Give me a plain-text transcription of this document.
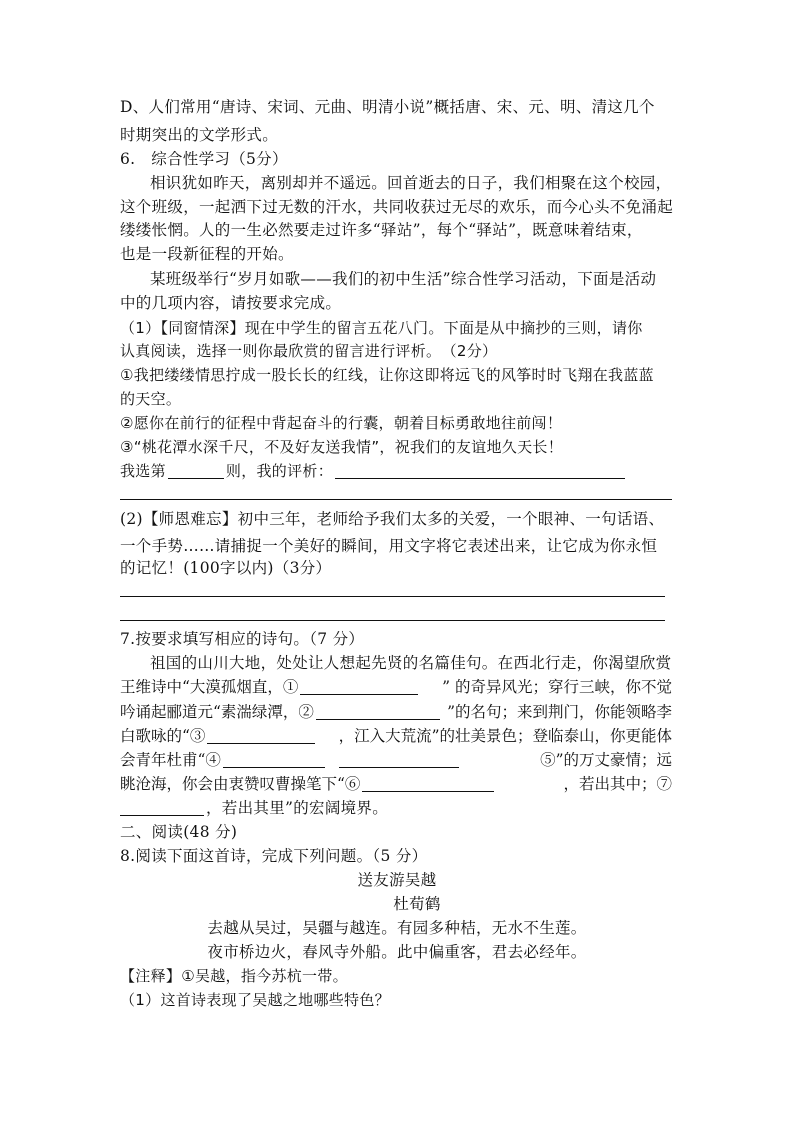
D、人们常用“唐诗、宋词、元曲、明清小说”概括唐、宋、元、明、清这几个
时期突出的文学形式。
6.　综合性学习（5分）
相识犹如昨天，离别却并不遥远。回首逝去的日子，我们相聚在这个校园，
这个班级，一起洒下过无数的汗水，共同收获过无尽的欢乐，而今心头不免涌起
缕缕怅惘。人的一生必然要走过许多“驿站”，每个“驿站”，既意味着结束，
也是一段新征程的开始。
某班级举行“岁月如歌——我们的初中生活”综合性学习活动，下面是活动
中的几项内容，请按要求完成。
（1）【同窗情深】现在中学生的留言五花八门。下面是从中摘抄的三则，请你
认真阅读，选择一则你最欣赏的留言进行评析。　（2分）
①我把缕缕情思拧成一股长长的红线，让你这即将远飞的风筝时时飞翔在我蓝蓝
的天空。
②愿你在前行的征程中背起奋斗的行囊，朝着目标勇敢地往前闯！
③“桃花潭水深千尺，不及好友送我情”，祝我们的友谊地久天长！
我选第	则，我的评析：
(2)【师恩难忘】初中三年，老师给予我们太多的关爱，一个眼神、一句话语、
一个手势……请捕捉一个美好的瞬间，用文字将它表述出来，让它成为你永恒
的记忆！(100字以内)（3分）
7.按要求填写相应的诗句。（7 分）
祖国的山川大地，处处让人想起先贤的名篇佳句。在西北行走，你渴望欣赏
王维诗中“大漠孤烟直，①	” 的奇异风光；穿行三峡，你不觉
吟诵起郦道元“素湍绿潭，②	”的名句；来到荆门，你能领略李
白歌咏的“③	，江入大荒流”的壮美景色；登临泰山，你更能体
会青年杜甫“④	⑤”的万丈豪情；远
眺沧海，你会由衷赞叹曹操笔下“⑥	，若出其中；⑦
，若出其里”的宏阔境界。
二、阅读(48 分)
8.阅读下面这首诗，完成下列问题。（5 分）
送友游吴越
杜荀鹤
去越从吴过，吴疆与越连。有园多种桔，无水不生莲。
夜市桥边火，春风寺外船。此中偏重客，君去必经年。
【注释】①吴越，指今苏杭一带。
（1）这首诗表现了吴越之地哪些特色？
